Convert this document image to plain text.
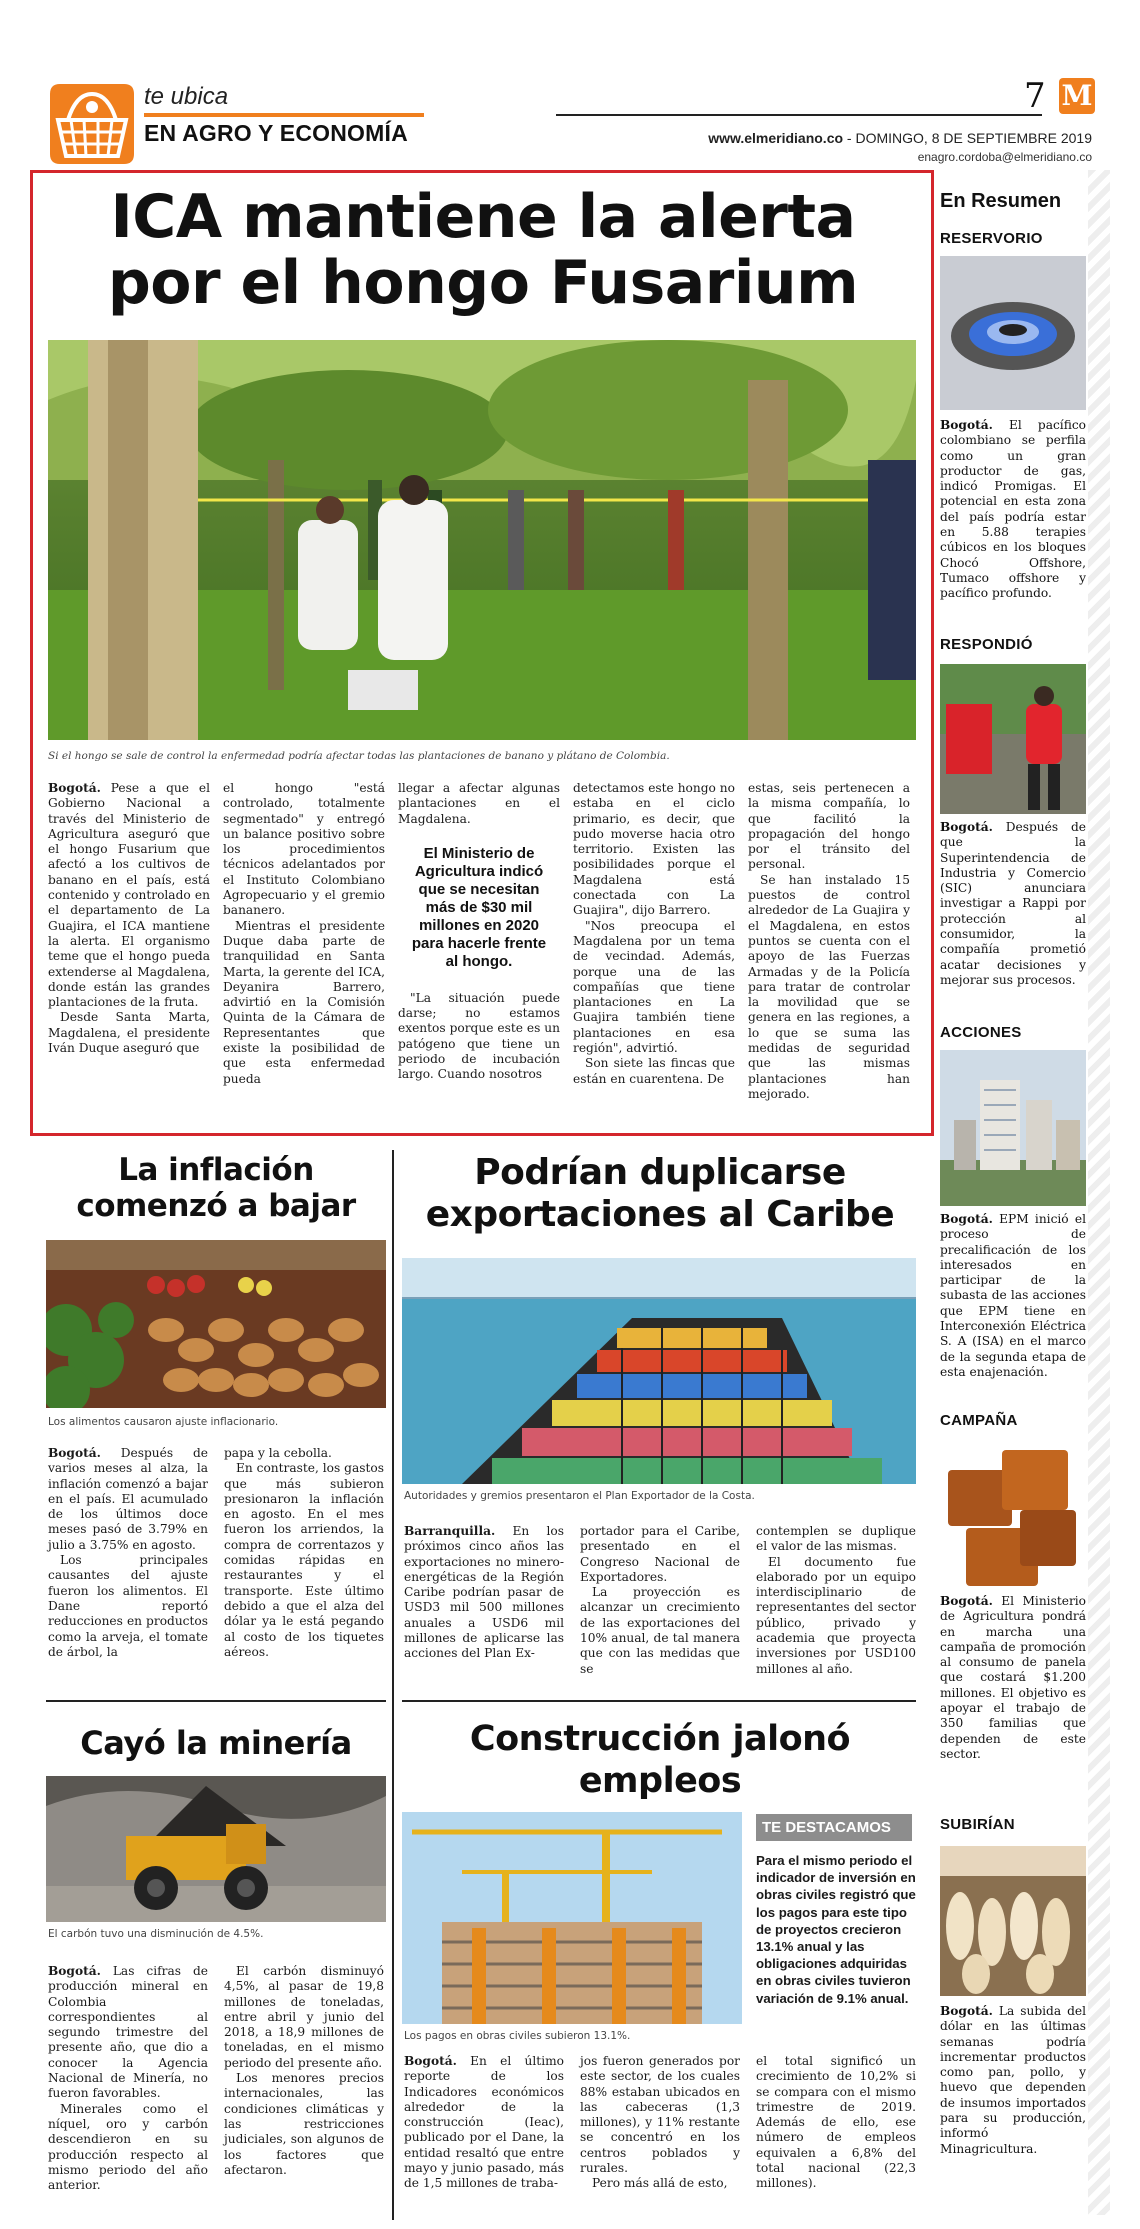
te ubica
EN AGRO Y ECONOMÍA
7 M
www.elmeridiano.co - DOMINGO, 8 DE SEPTIEMBRE 2019
enagro.cordoba@elmeridiano.co
ICA mantiene la alerta por el hongo Fusarium
Si el hongo se sale de control la enfermedad podría afectar todas las plantaciones de banano y plátano de Colombia.

Bogotá. Pese a que el Gobierno Nacional a través del Ministerio de Agricultura aseguró que el hongo Fusarium que afectó a los cultivos de banano en el país, está contenido y controlado en el departamento de La Guajira, el ICA mantiene la alerta. El organismo teme que el hongo pueda extenderse al Magdalena, donde están las grandes plantaciones de la fruta.

Desde Santa Marta, Magdalena, el presidente Iván Duque aseguró que

el hongo "está controlado, totalmente segmentado" y entregó un balance positivo sobre los procedimientos técnicos adelantados por el Instituto Colombiano Agropecuario y el gremio bananero.

Mientras el presidente Duque daba parte de tranquilidad en Santa Marta, la gerente del ICA, Deyanira Barrero, advirtió en la Comisión Quinta de la Cámara de Representantes que existe la posibilidad de que esta enfermedad pueda

llegar a afectar algunas plantaciones en el Magdalena.

El Ministerio de Agricultura indicó que se necesitan más de $30 mil millones en 2020 para hacerle frente al hongo.

"La situación puede darse; no estamos exentos porque este es un patógeno que tiene un periodo de incubación largo. Cuando nosotros

detectamos este hongo no estaba en el ciclo primario, es decir, que pudo moverse hacia otro territorio. Existen las posibilidades porque el Magdalena está conectada con La Guajira", dijo Barrero.

"Nos preocupa el Magdalena por un tema de vecindad. Además, porque una de las compañías que tiene plantaciones en La Guajira también tiene plantaciones en esa región", advirtió.

Son siete las fincas que están en cuarentena. De

estas, seis pertenecen a la misma compañía, lo que facilitó la propagación del hongo por el tránsito del personal.

Se han instalado 15 puestos de control alrededor de La Guajira y el Magdalena, en estos puntos se cuenta con el apoyo de las Fuerzas Armadas y de la Policía para tratar de controlar la movilidad que se genera en las regiones, a lo que se suma las medidas de seguridad que las mismas plantaciones han mejorado.

En Resumen
RESERVORIO
Bogotá. El pacífico colombiano se perfila como un gran productor de gas, indicó Promigas. El potencial en esta zona del país podría estar en 5.88 terapies cúbicos en los bloques Chocó Offshore, Tumaco offshore y pacífico profundo.
RESPONDIÓ
Bogotá. Después de que la Superintendencia de Industria y Comercio (SIC) anunciara investigar a Rappi por protección al consumidor, la compañía prometió acatar decisiones y mejorar sus procesos.
ACCIONES
Bogotá. EPM inició el proceso de precalificación de los interesados en participar de la subasta de las acciones que EPM tiene en Interconexión Eléctrica S. A (ISA) en el marco de la segunda etapa de esta enajenación.
CAMPAÑA
Bogotá. El Ministerio de Agricultura pondrá en marcha una campaña de promoción al consumo de panela que costará $1.200 millones. El objetivo es apoyar el trabajo de 350 familias que dependen de este sector.
SUBIRÍAN
Bogotá. La subida del dólar en las últimas semanas podría incrementar productos como pan, pollo, y huevo que dependen de insumos importados para su producción, informó Minagricultura.
La inflación comenzó a bajar
Los alimentos causaron ajuste inflacionario.

Bogotá. Después de varios meses al alza, la inflación comenzó a bajar en el país. El acumulado de los últimos doce meses pasó de 3.79% en julio a 3.75% en agosto.

Los principales causantes del ajuste fueron los alimentos. El Dane reportó reducciones en productos como la arveja, el tomate de árbol, la

papa y la cebolla.

En contraste, los gastos que más subieron presionaron la inflación en agosto. En el mes fueron los arriendos, la compra de correntazos y comidas rápidas en restaurantes y el transporte. Este último debido a que el alza del dólar ya le está pegando al costo de los tiquetes aéreos.

Podrían duplicarse exportaciones al Caribe
Autoridades y gremios presentaron el Plan Exportador de la Costa.

Barranquilla. En los próximos cinco años las exportaciones no minero-energéticas de la Región Caribe podrían pasar de USD3 mil 500 millones anuales a USD6 mil millones de aplicarse las acciones del Plan Ex-

portador para el Caribe, presentado en el Congreso Nacional de Exportadores.

La proyección es alcanzar un crecimiento de las exportaciones del 10% anual, de tal manera que con las medidas que se

contemplen se duplique el valor de las mismas.

El documento fue elaborado por un equipo interdisciplinario de representantes del sector público, privado y academia que proyecta inversiones por USD100 millones al año.

Cayó la minería
El carbón tuvo una disminución de 4.5%.

Bogotá. Las cifras de producción mineral en Colombia correspondientes al segundo trimestre del presente año, que dio a conocer la Agencia Nacional de Minería, no fueron favorables.

Minerales como el níquel, oro y carbón descendieron en su producción respecto al mismo periodo del año anterior.

El carbón disminuyó 4,5%, al pasar de 19,8 millones de toneladas, entre abril y junio del 2018, a 18,9 millones de toneladas, en el mismo periodo del presente año.

Los menores precios internacionales, las condiciones climáticas y las restricciones judiciales, son algunos de los factores que afectaron.

Construcción jalonó empleos
Los pagos en obras civiles subieron 13.1%.
TE DESTACAMOS
Para el mismo periodo el indicador de inversión en obras civiles registró que los pagos para este tipo de proyectos crecieron 13.1% anual y las obligaciones adquiridas en obras civiles tuvieron variación de 9.1% anual.

Bogotá. En el último reporte de los Indicadores económicos alrededor de la construcción (Ieac), publicado por el Dane, la entidad resaltó que entre mayo y junio pasado, más de 1,5 millones de traba-

jos fueron generados por este sector, de los cuales 88% estaban ubicados en las cabeceras (1,3 millones), y 11% restante se concentró en los centros poblados y rurales.

Pero más allá de esto,

el total significó un crecimiento de 10,2% si se compara con el mismo trimestre de 2019. Además de ello, ese número de empleos equivalen a 6,8% del total nacional (22,3 millones).
